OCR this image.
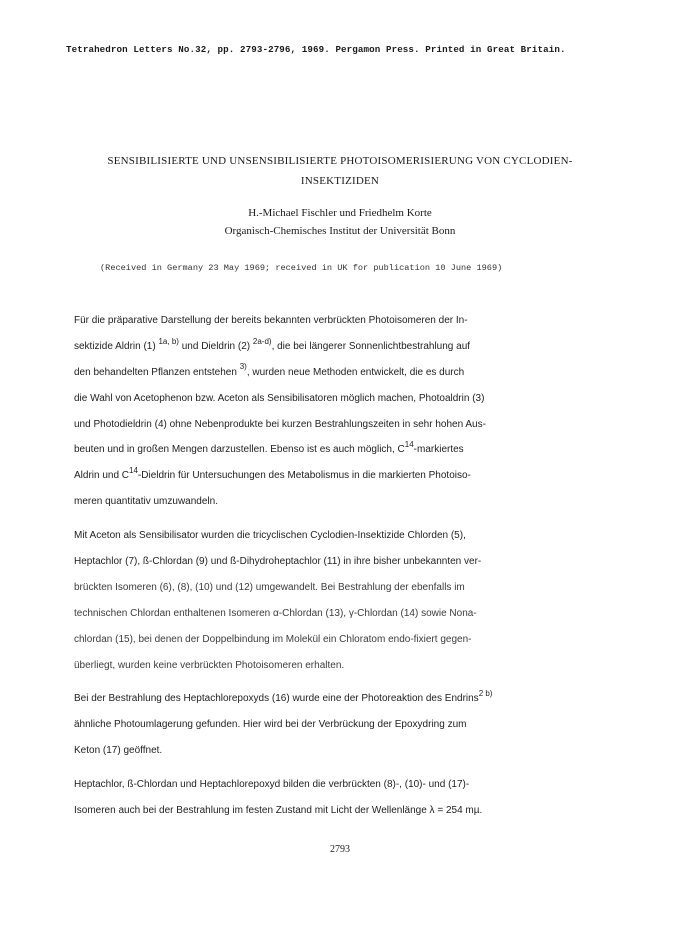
Tetrahedron Letters No.32, pp. 2793-2796, 1969. Pergamon Press. Printed in Great Britain.
SENSIBILISIERTE UND UNSENSIBILISIERTE PHOTOISOMERISIERUNG VON CYCLODIEN-
INSEKTIZIDEN
H.-Michael Fischler und Friedhelm Korte
Organisch-Chemisches Institut der Universität Bonn
(Received in Germany 23 May 1969; received in UK for publication 10 June 1969)
Für die präparative Darstellung der bereits bekannten verbrückten Photoisomeren der In-
sektizide Aldrin (1) $^{1a, b)}$ und Dieldrin (2) $^{2a-d)}$, die bei längerer Sonnenlichtbestrahlung auf
den behandelten Pflanzen entstehen $^{3)}$, wurden neue Methoden entwickelt, die es durch
die Wahl von Acetophenon bzw. Aceton als Sensibilisatoren möglich machen, Photoaldrin (3)
und Photodieldrin (4) ohne Nebenprodukte bei kurzen Bestrahlungszeiten in sehr hohen Aus-
beuten und in großen Mengen darzustellen. Ebenso ist es auch möglich, $C^{14}$-markiertes
Aldrin und $C^{14}$-Dieldrin für Untersuchungen des Metabolismus in die markierten Photoiso-
meren quantitativ umzuwandeln.
Mit Aceton als Sensibilisator wurden die tricyclischen Cyclodien-Insektizide Chlorden (5),
Heptachlor (7), ß-Chlordan (9) und ß-Dihydroheptachlor (11) in ihre bisher unbekannten ver-
brückten Isomeren (6), (8), (10) und (12) umgewandelt. Bei Bestrahlung der ebenfalls im
technischen Chlordan enthaltenen Isomeren α-Chlordan (13), γ-Chlordan (14) sowie Nona-
chlordan (15), bei denen der Doppelbindung im Molekül ein Chloratom endo-fixiert gegen-
überliegt, wurden keine verbrückten Photoisomeren erhalten.
Bei der Bestrahlung des Heptachlorepoxyds (16) wurde eine der Photoreaktion des Endrins$^{2 b)}$
ähnliche Photoumlagerung gefunden. Hier wird bei der Verbrückung der Epoxydring zum
Keton (17) geöffnet.
Heptachlor, ß-Chlordan und Heptachlorepoxyd bilden die verbrückten (8)-, (10)- und (17)-
Isomeren auch bei der Bestrahlung im festen Zustand mit Licht der Wellenlänge λ = 254 mµ.
2793
